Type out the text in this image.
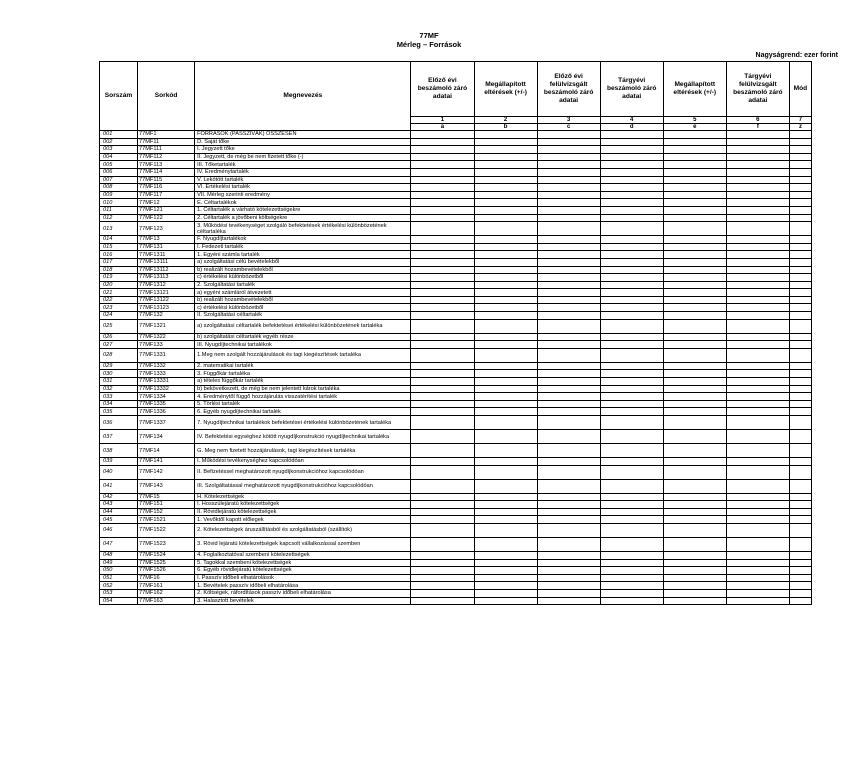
77MF
Mérleg – Források
Nagyságrend: ezer forint
Sorszám	Sorkód	Megnevezés	Előző évi beszámoló záró adatai	Megállapított eltérések (+/-)	Előző évi felülvizsgált beszámoló záró adatai	Tárgyévi beszámoló záró adatai	Megállapított eltérések (+/-)	Tárgyévi felülvizsgált beszámoló záró adatai	Mód
			1	2	3	4	5	6	7
			a	b	c	d	e	f	z
001	77MF1	FORRÁSOK (PASSZÍVÁK) ÖSSZESEN							
002	77MF11	D. Saját tőke							
003	77MF111	I. Jegyzett tőke							
004	77MF112	II. Jegyzett, de még be nem fizetett tőke (-)							
005	77MF113	III. Tőketartalék							
006	77MF114	IV. Eredménytartalék							
007	77MF115	V. Lekötött tartalék							
008	77MF116	VI. Értékelési tartalék							
009	77MF117	VII. Mérleg szerinti eredmény							
010	77MF12	E. Céltartalékok							
011	77MF121	1. Céltartalék a várható kötelezettségekre							
012	77MF122	2. Céltartalék a jövőbeni költségekre							
013	77MF123	3. Működési tevékenységet szolgáló befektetések értékelési különbözetének céltartaléka							
014	77MF13	F. Nyugdíjtartalékok							
015	77MF131	I. Fedezeti tartalék							
016	77MF1311	1. Egyéni számla tartalék							
017	77MF13111	a) szolgáltatási célú bevételekből							
018	77MF13112	b) realizált hozambevételekből							
019	77MF13113	c) értékelési különbözetből							
020	77MF1312	2. Szolgáltatási tartalék							
021	77MF13121	a) egyéni számláról átvezetett							
022	77MF13122	b) realizált hozambevételekből							
023	77MF13123	c) értékelési különbözetből							
024	77MF132	II. Szolgáltatási céltartalék							
025	77MF1321	a) szolgáltatási céltartalék befektetései értékelési különbözetének tartaléka							
026	77MF1322	b) szolgáltatási céltartalék egyéb része							
027	77MF133	III. Nyugdíjtechnikai tartalékok							
028	77MF1331	1.Meg nem szolgált hozzájárulások és tagi kiegészítések tartaléka							
029	77MF1332	2. matematikai tartalék							
030	77MF1333	3. Függőkár tartaléka							
031	77MF13331	a) tételes függőkár tartalék							
032	77MF13332	b) bekövetkezett, de még be nem jelentett károk tartaléka							
033	77MF1334	4. Eredménytől függő hozzájárulás visszatérítési tartalék							
034	77MF1335	5. Törlési tartalék							
035	77MF1336	6. Egyéb nyugdíjtechnikai tartalék							
036	77MF1337	7. Nyugdíjtechnikai tartalékok befektetései értékelési különbözetének tartaléka							
037	77MF134	IV. Befektetési egységhez kötött nyugdíjkonstrukció nyugdíjtechnikai tartaléka							
038	77MF14	G. Meg nem fizetett hozzájárulások, tagi kiegészítések tartaléka							
039	77MF141	I. Működési tevékenységhez kapcsolódóan							
040	77MF142	II. Befizetéssel meghatározott nyugdíjkonstrukcióhoz kapcsolódóan							
041	77MF143	III. Szolgáltatással meghatározott nyugdíjkonstrukcióhoz kapcsolódóan							
042	77MF15	H. Kötelezettségek							
043	77MF151	I. Hosszúlejáratú kötelezettségek							
044	77MF152	II. Rövidlejáratú kötelezettségek							
045	77MF1521	1. Vevőktől kapott előlegek							
046	77MF1522	2. Kötelezettségek áruszállításból és szolgáltatásból (szállítók)							
047	77MF1523	3. Rövid lejáratú kötelezettségek kapcsolt vállalkozással szemben							
048	77MF1524	4. Foglalkoztatóval szembeni kötelezettségek							
049	77MF1525	5. Tagokkal szembeni kötelezettségek							
050	77MF1526	6. Egyéb rövidlejáratú kötelezettségek							
051	77MF16	I. Passzív időbeli elhatárolások							
052	77MF161	1. Bevételek passzív időbeli elhatárolása							
053	77MF162	2. Költségek, ráfordítások passzív időbeli elhatárolása							
054	77MF163	3. Halasztott bevételek							
